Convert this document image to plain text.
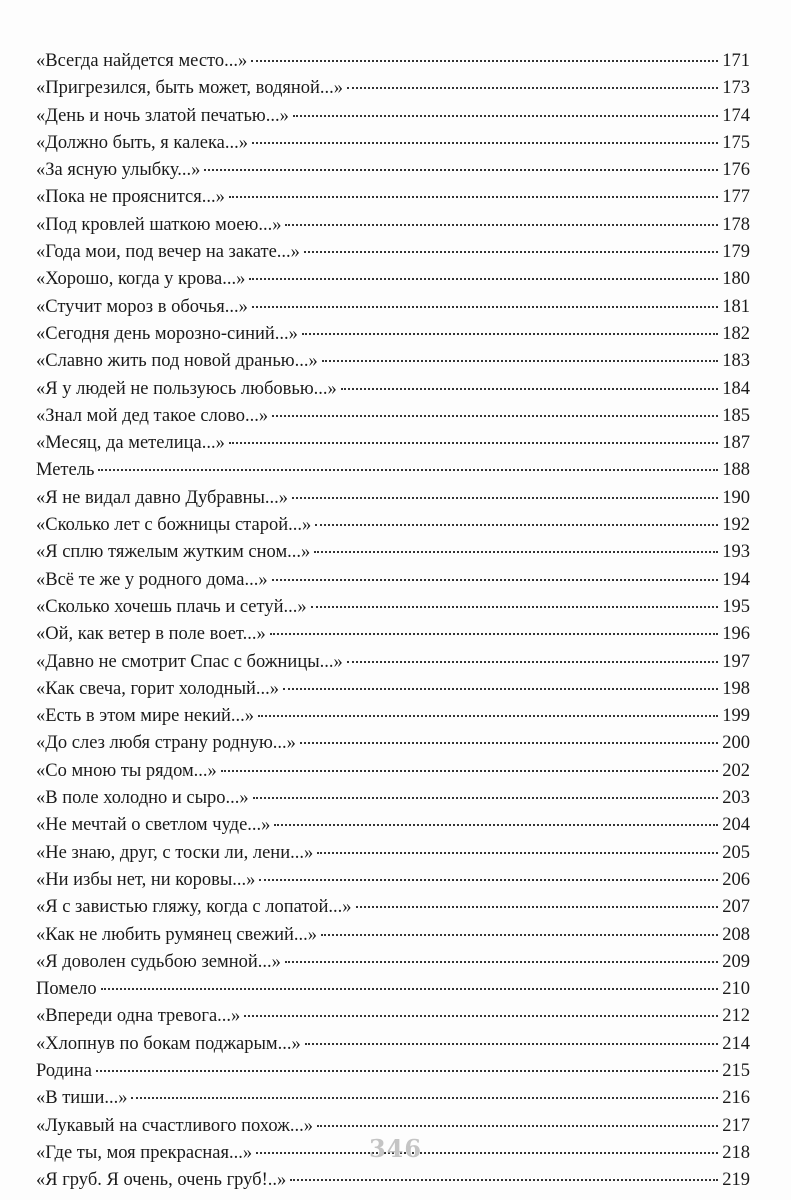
«Всегда найдется место...»	171
«Пригрезился, быть может, водяной...»	173
«День и ночь златой печатью...»	174
«Должно быть, я калека...»	175
«За ясную улыбку...»	176
«Пока не прояснится...»	177
«Под кровлей шаткою моею...»	178
«Года мои, под вечер на закате...»	179
«Хорошо, когда у крова...»	180
«Стучит мороз в обочья...»	181
«Сегодня день морозно-синий...»	182
«Славно жить под новой дранью...»	183
«Я у людей не пользуюсь любовью...»	184
«Знал мой дед такое слово...»	185
«Месяц, да метелица...»	187
Метель	188
«Я не видал давно Дубравны...»	190
«Сколько лет с божницы старой...»	192
«Я сплю тяжелым жутким сном...»	193
«Всё те же у родного дома...»	194
«Сколько хочешь плачь и сетуй...»	195
«Ой, как ветер в поле воет...»	196
«Давно не смотрит Спас с божницы...»	197
«Как свеча, горит холодный...»	198
«Есть в этом мире некий...»	199
«До слез любя страну родную...»	200
«Со мною ты рядом...»	202
«В поле холодно и сыро...»	203
«Не мечтай о светлом чуде...»	204
«Не знаю, друг, с тоски ли, лени...»	205
«Ни избы нет, ни коровы...»	206
«Я с завистью гляжу, когда с лопатой...»	207
«Как не любить румянец свежий...»	208
«Я доволен судьбою земной...»	209
Помело	210
«Впереди одна тревога...»	212
«Хлопнув по бокам поджарым...»	214
Родина	215
«В тиши...»	216
«Лукавый на счастливого похож...»	217
«Где ты, моя прекрасная...»	218
«Я груб. Я очень, очень груб!..»	219
346
